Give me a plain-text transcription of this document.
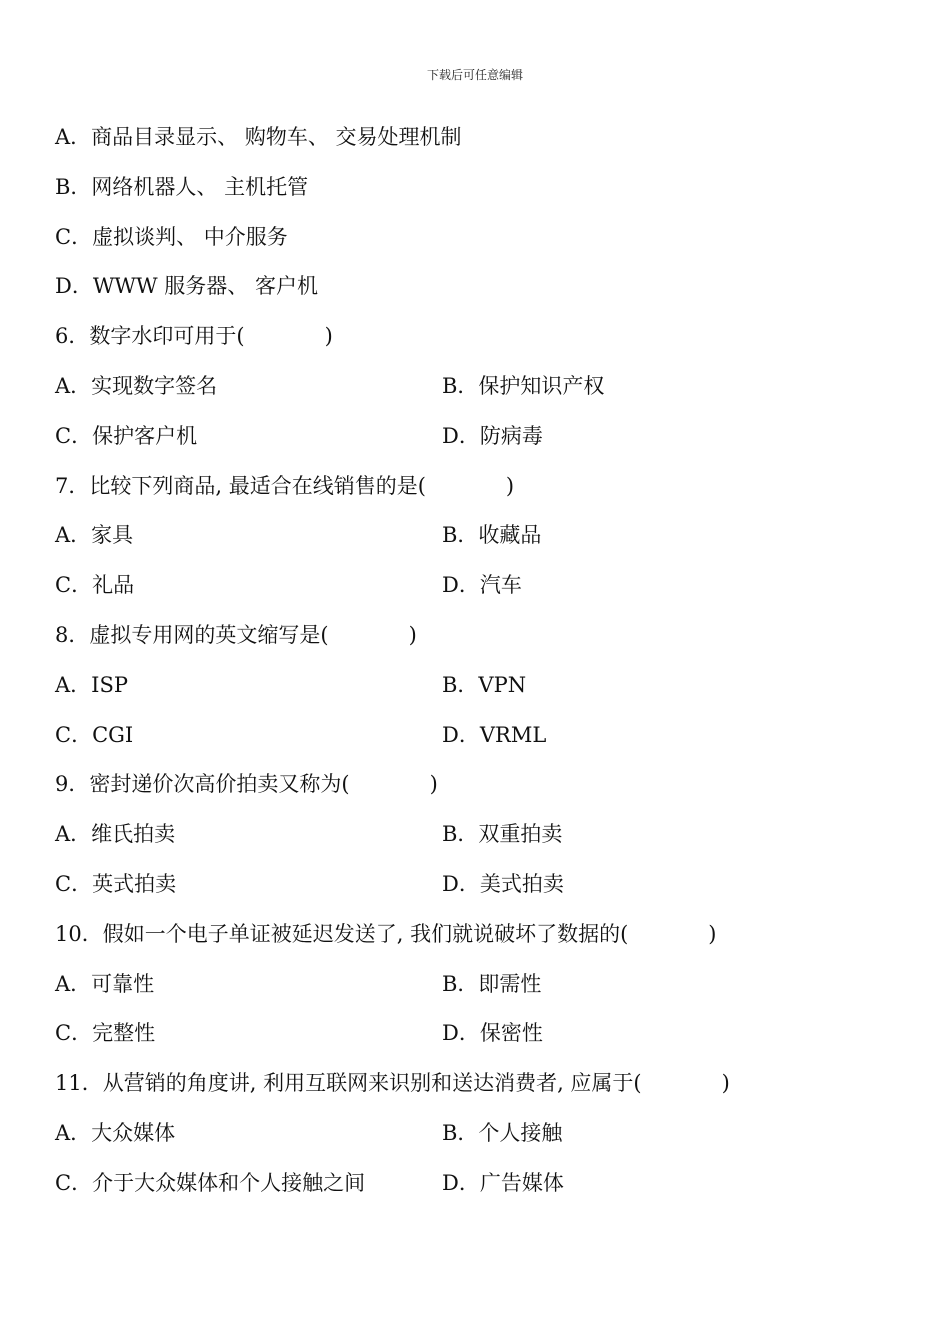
下载后可任意编辑
A．商品目录显示、 购物车、 交易处理机制
B．网络机器人、 主机托管
C．虚拟谈判、 中介服务
D．WWW 服务器、 客户机
6．数字水印可用于(	)
A．实现数字签名	B．保护知识产权
C．保护客户机	D．防病毒
7．比较下列商品, 最适合在线销售的是(	)
A．家具	B．收藏品
C．礼品	D．汽车
8．虚拟专用网的英文缩写是(	)
A．ISP	B．VPN
C．CGI	D．VRML
9．密封递价次高价拍卖又称为(	)
A．维氏拍卖	B．双重拍卖
C．英式拍卖	D．美式拍卖
10．假如一个电子单证被延迟发送了, 我们就说破坏了数据的(	)
A．可靠性	B．即需性
C．完整性	D．保密性
11．从营销的角度讲, 利用互联网来识别和送达消费者, 应属于(	)
A．大众媒体	B．个人接触
C．介于大众媒体和个人接触之间	D．广告媒体
